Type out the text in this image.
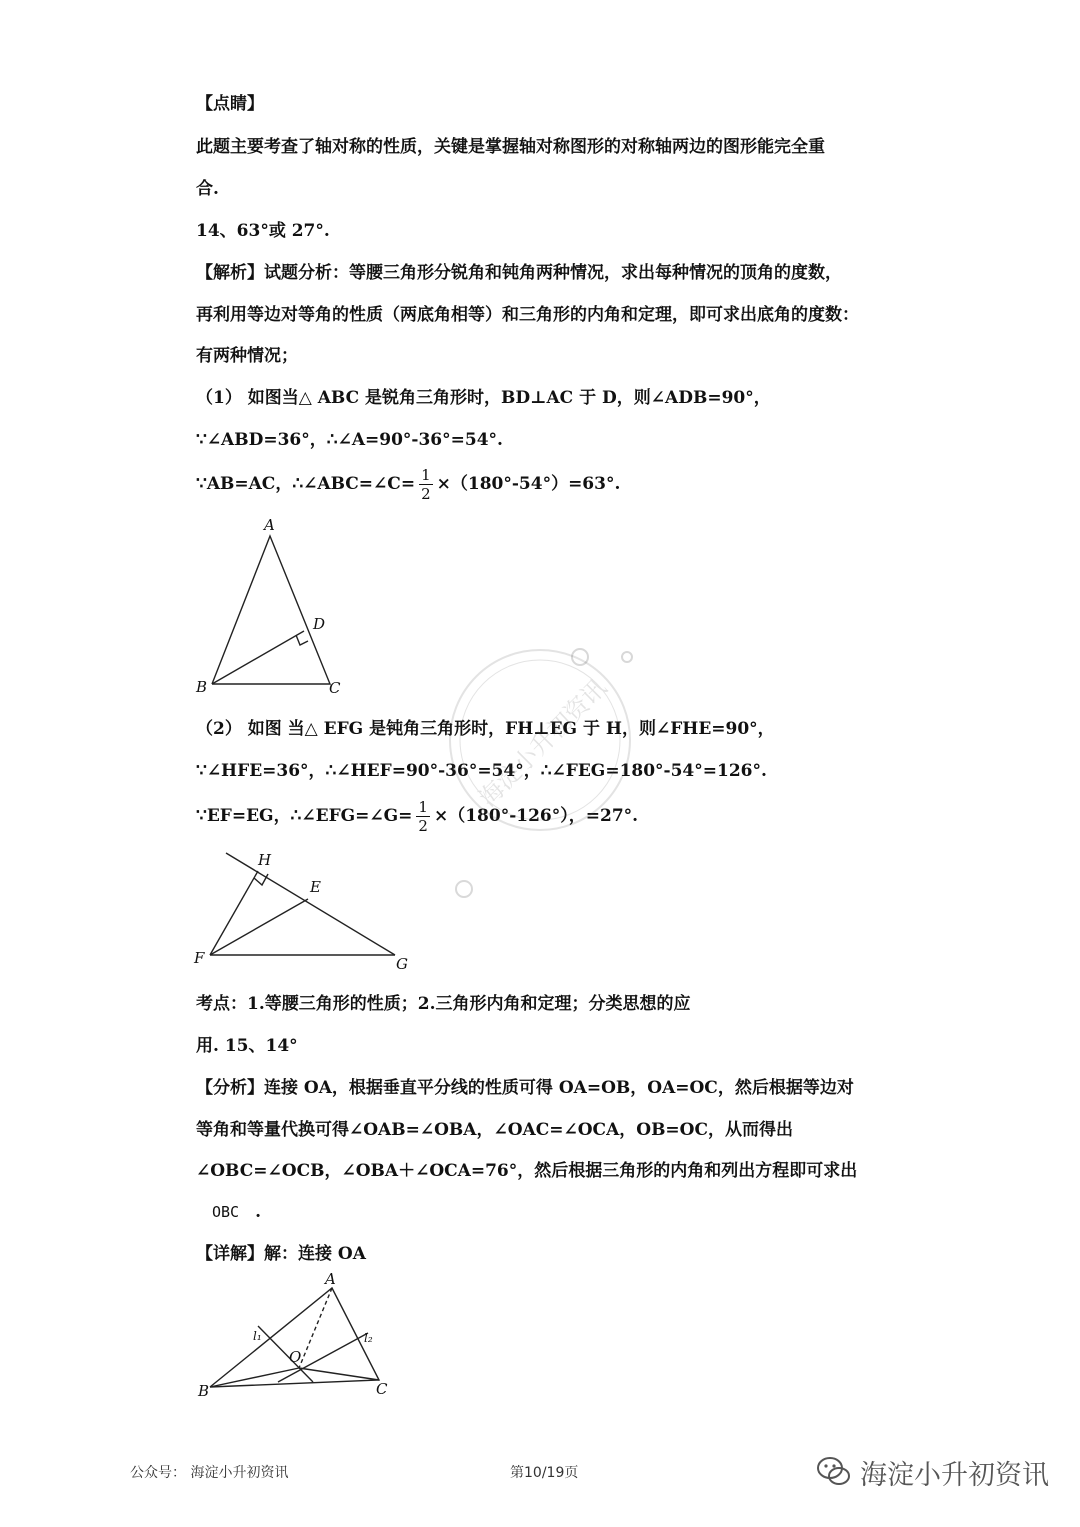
【点睛】
此题主要考查了轴对称的性质，关键是掌握轴对称图形的对称轴两边的图形能完全重
合.
14、63°或 27°.
【解析】试题分析：等腰三角形分锐角和钝角两种情况，求出每种情况的顶角的度数，
再利用等边对等角的性质（两底角相等）和三角形的内角和定理，即可求出底角的度数：
有两种情况；
（1） 如图当△ ABC 是锐角三角形时，BD⊥AC 于 D，则∠ADB=90°，
∵∠ABD=36°，∴∠A=90°-36°=54°.
∵AB=AC，∴∠ABC=∠C= $\frac{1}{2} \times(180^\circ-54^\circ)=63^\circ$.
A
B	C
D
（2） 如图 当△ EFG 是钝角三角形时，FH⊥EG 于 H，则∠FHE=90°，
∵∠HFE=36°，∴∠HEF=90°-36°=54°，∴∠FEG=180°-54°=126°.
∵EF=EG，∴∠EFG=∠G= $\frac{1}{2} \times(180^\circ-126^\circ)$，=27°.
H
E
F	G
考点：1.等腰三角形的性质；2.三角形内角和定理；分类思想的应
用. 15、14°
【分析】连接 OA，根据垂直平分线的性质可得 OA=OB，OA=OC，然后根据等边对
等角和等量代换可得∠OAB=∠OBA，∠OAC=∠OCA，OB=OC，从而得出
∠OBC=∠OCB，∠OBA＋∠OCA=76°，然后根据三角形的内角和列出方程即可求出
OBC .
【详解】解：连接 OA
A
B	C
O
l₁	l₂
海淀小升初资讯
公众号： 海淀小升初资讯	第10/19页	海淀小升初资讯
